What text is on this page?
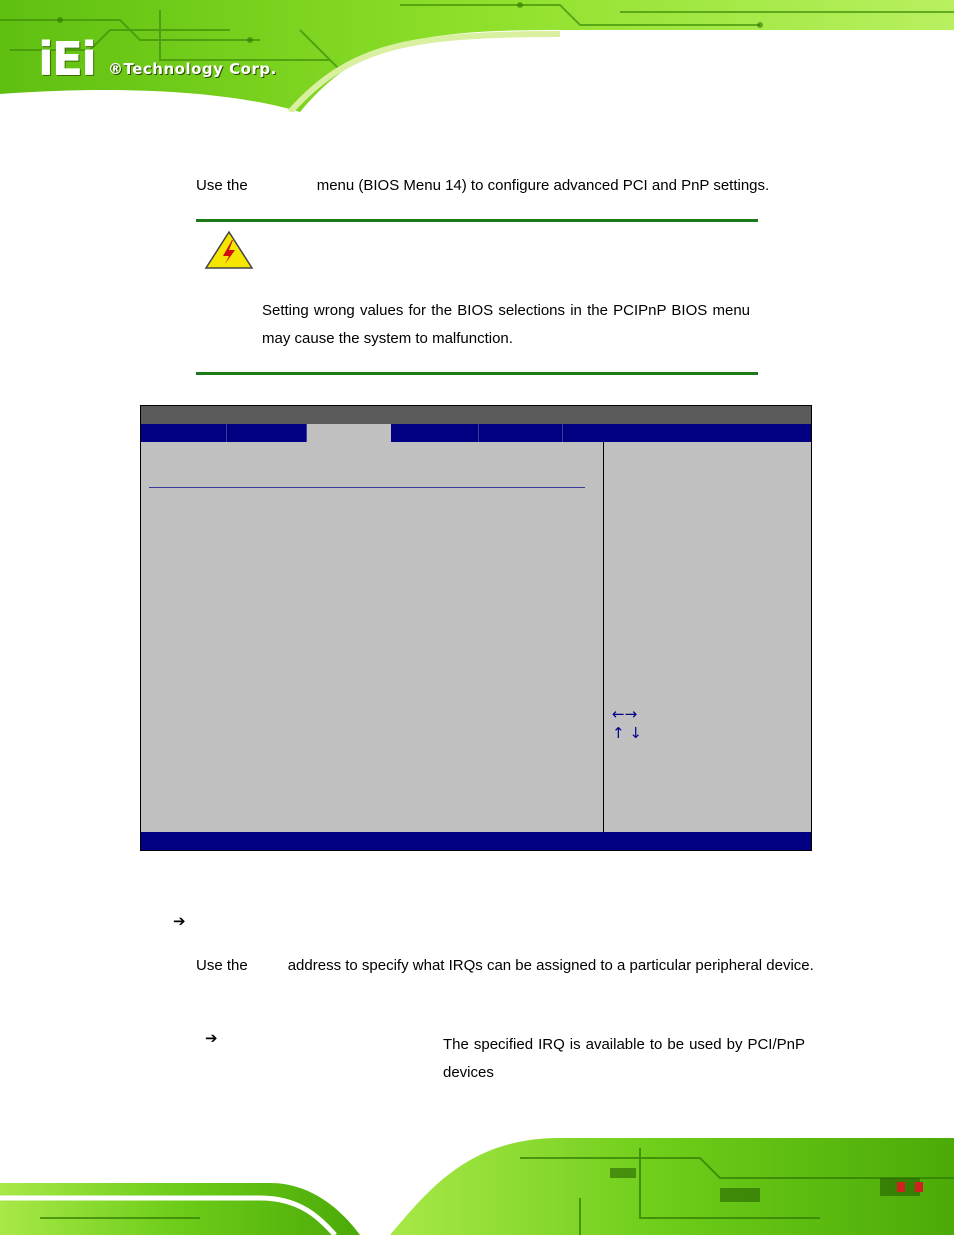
iEi ®Technology Corp.
Use the	menu (BIOS Menu 14) to configure advanced PCI and PnP settings.
Setting wrong values for the BIOS selections in the PCIPnP BIOS menu may cause the system to malfunction.
←→
↑ ↓
➔
Use the	address to specify what IRQs can be assigned to a particular peripheral device.
➔	The specified IRQ is available to be used by PCI/PnP devices
